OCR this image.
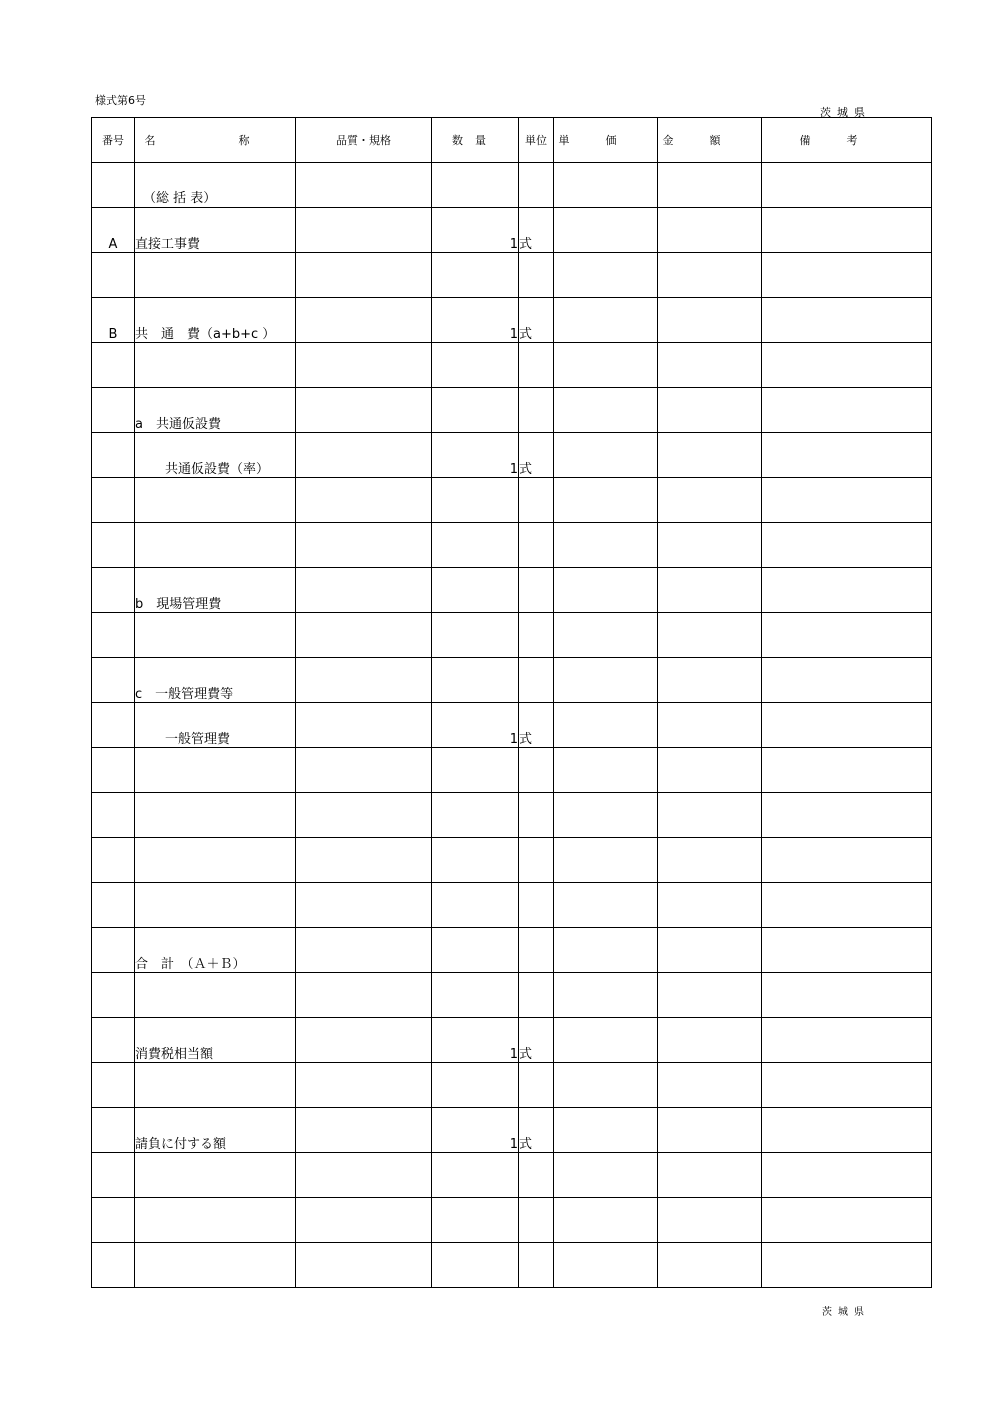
様式第6号
茨城県
番号	名　称	品質・規格	数量	単位	単価	金額	備考
	（総 括 表）						
A	直接工事費		1	式			

B	共　通　費（a+b+c ）		1	式			

	a　共通仮設費						
	共通仮設費（率）		1	式			

	b　現場管理費						

	c　一般管理費等						
	一般管理費		1	式			

	合　計　（Ａ＋Ｂ）						

	消費税相当額		1	式			

	請負に付する額		1	式			

茨城県
